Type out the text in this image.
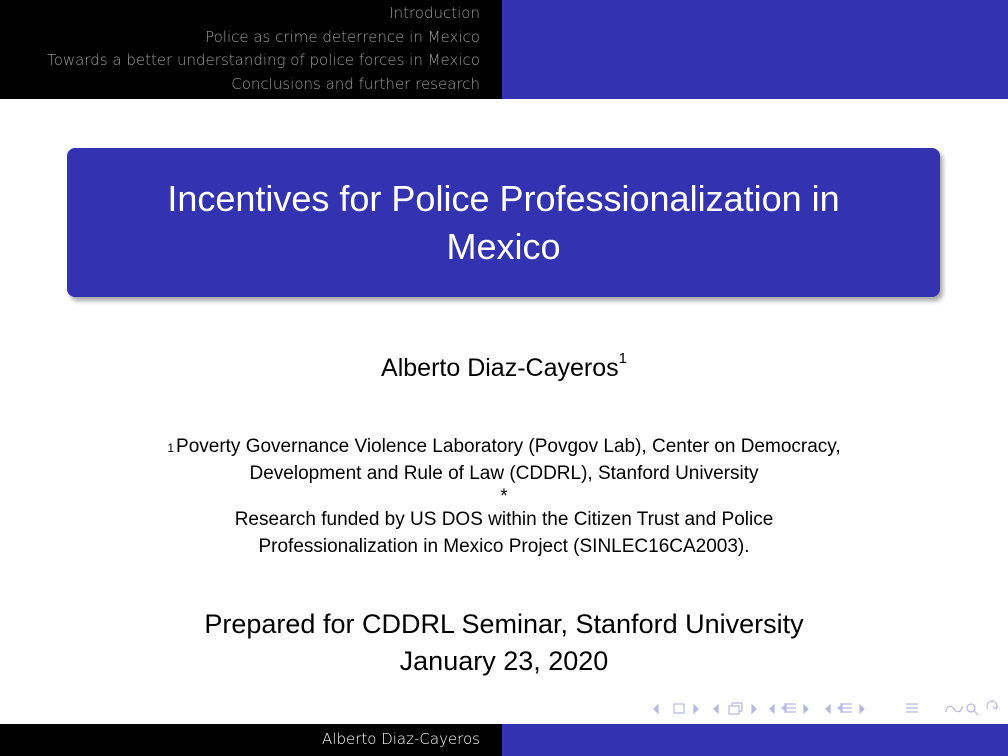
Introduction
Police as crime deterrence in Mexico
Towards a better understanding of police forces in Mexico
Conclusions and further research
Incentives for Police Professionalization in
Mexico
Alberto Diaz-Cayeros$^1$
$^1$ Poverty Governance Violence Laboratory (Povgov Lab), Center on Democracy,
Development and Rule of Law (CDDRL), Stanford University
*
Research funded by US DOS within the Citizen Trust and Police
Professionalization in Mexico Project (SINLEC16CA2003).
Prepared for CDDRL Seminar, Stanford University
January 23, 2020
Alberto Diaz-Cayeros
